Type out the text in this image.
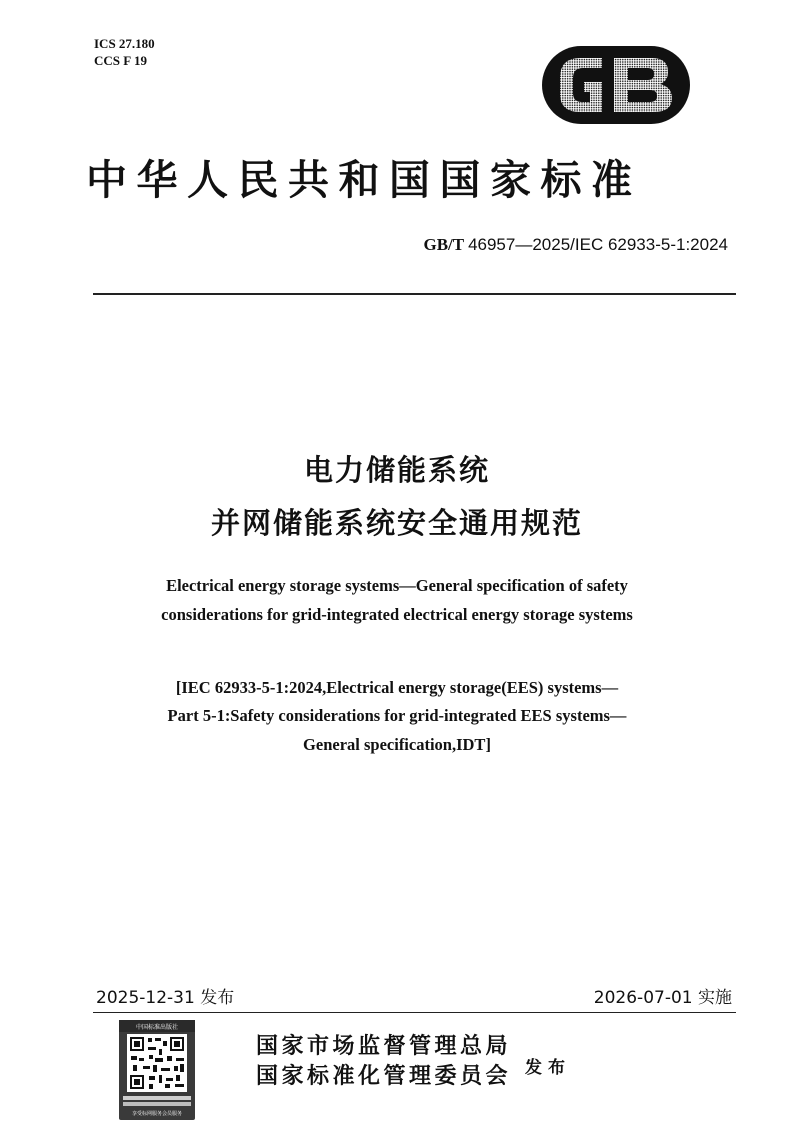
ICS 27.180
CCS F 19
中华人民共和国国家标准
GB/T 46957—2025/IEC 62933-5-1:2024
电力储能系统
并网储能系统安全通用规范
Electrical energy storage systems—General specification of safety
considerations for grid-integrated electrical energy storage systems
[IEC 62933-5-1:2024,Electrical energy storage(EES) systems—
Part 5-1:Safety considerations for grid-integrated EES systems—
General specification,IDT]
2025-12-31 发布	2026-07-01 实施
中国标准出版社
享受标网服务会员服务
国家市场监督管理总局
国家标准化管理委员会 发布
